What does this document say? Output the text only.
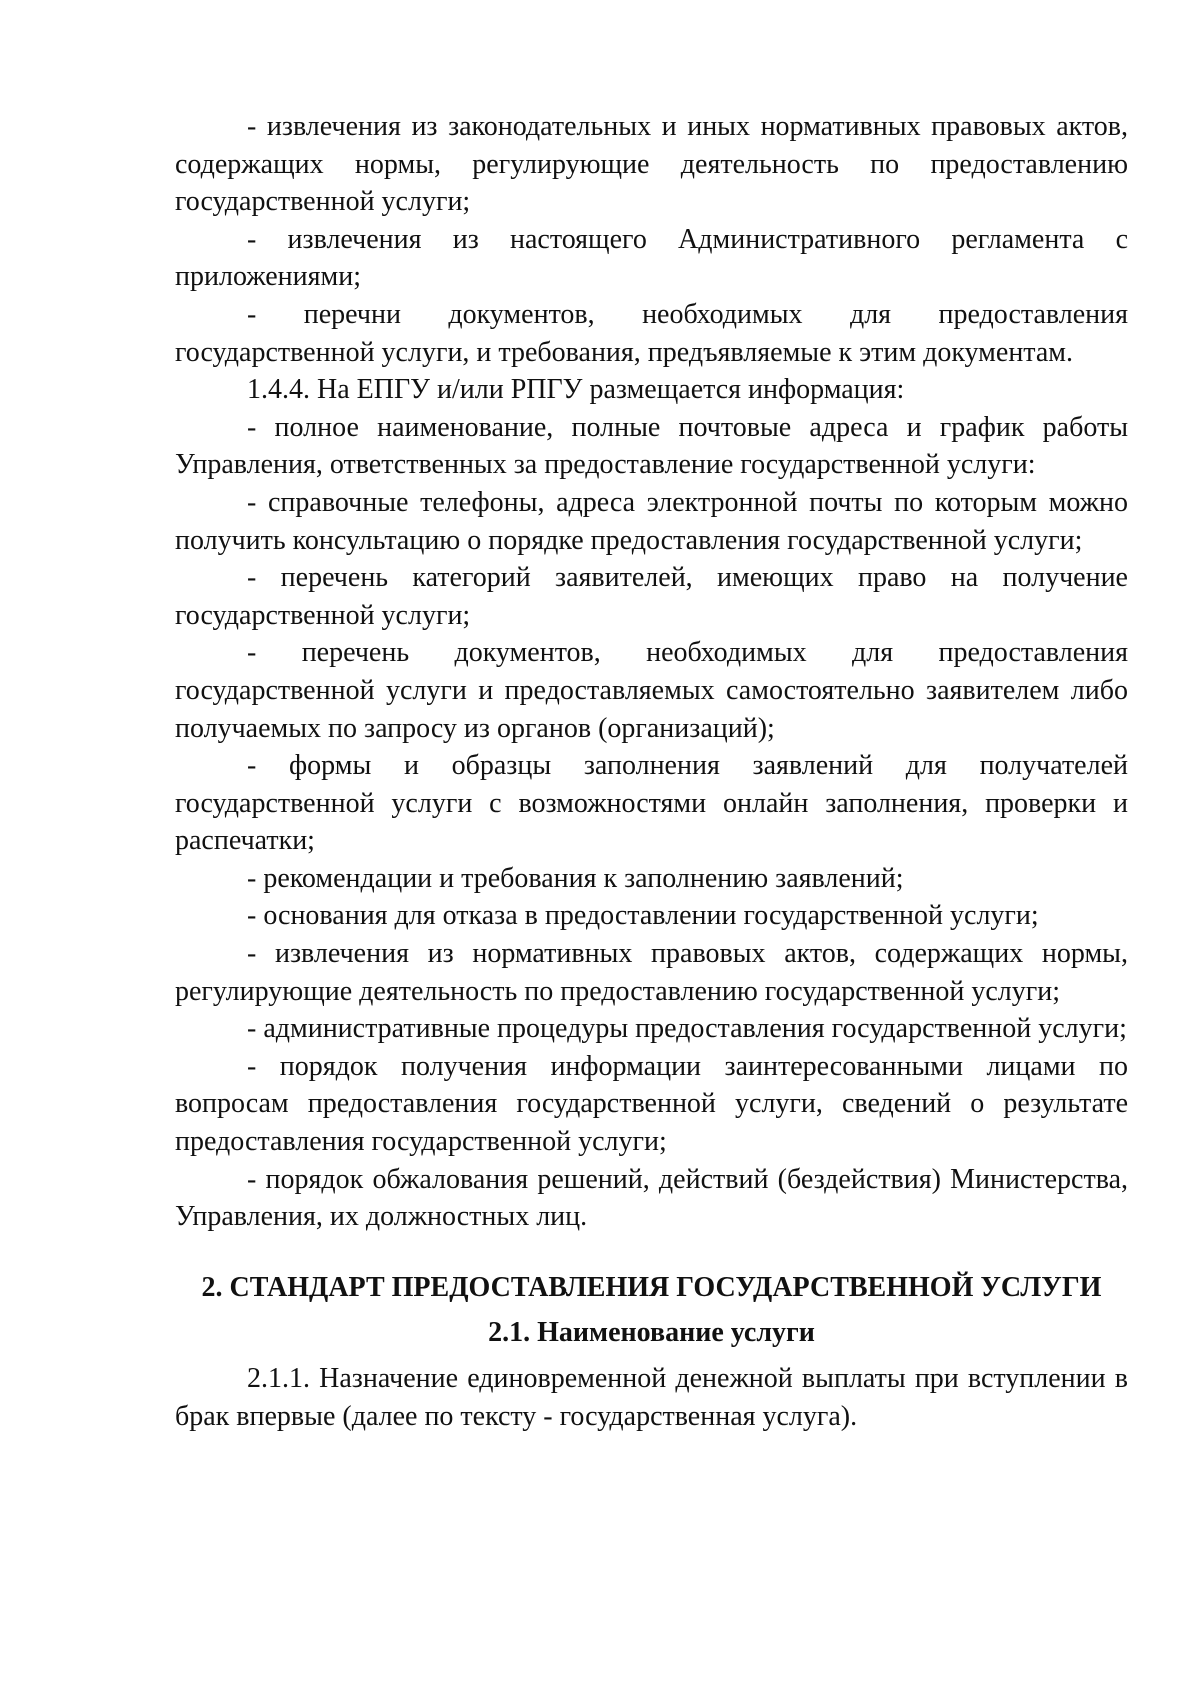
- извлечения из законодательных и иных нормативных правовых актов, содержащих нормы, регулирующие деятельность по предоставлению государственной услуги;

- извлечения из настоящего Административного регламента с приложениями;

- перечни документов, необходимых для предоставления государственной услуги, и требования, предъявляемые к этим документам.

1.4.4. На ЕПГУ и/или РПГУ размещается информация:

- полное наименование, полные почтовые адреса и график работы Управления, ответственных за предоставление государственной услуги:

- справочные телефоны, адреса электронной почты по которым можно получить консультацию о порядке предоставления государственной услуги;

- перечень категорий заявителей, имеющих право на получение государственной услуги;

- перечень документов, необходимых для предоставления государственной услуги и предоставляемых самостоятельно заявителем либо получаемых по запросу из органов (организаций);

- формы и образцы заполнения заявлений для получателей государственной услуги с возможностями онлайн заполнения, проверки и распечатки;

- рекомендации и требования к заполнению заявлений;

- основания для отказа в предоставлении государственной услуги;

- извлечения из нормативных правовых актов, содержащих нормы, регулирующие деятельность по предоставлению государственной услуги;

- административные процедуры предоставления государственной услуги;

- порядок получения информации заинтересованными лицами по вопросам предоставления государственной услуги, сведений о результате предоставления государственной услуги;

- порядок обжалования решений, действий (бездействия) Министерства, Управления, их должностных лиц.

2. СТАНДАРТ ПРЕДОСТАВЛЕНИЯ ГОСУДАРСТВЕННОЙ УСЛУГИ

2.1. Наименование услуги

2.1.1. Назначение единовременной денежной выплаты при вступлении в брак впервые (далее по тексту - государственная услуга).
